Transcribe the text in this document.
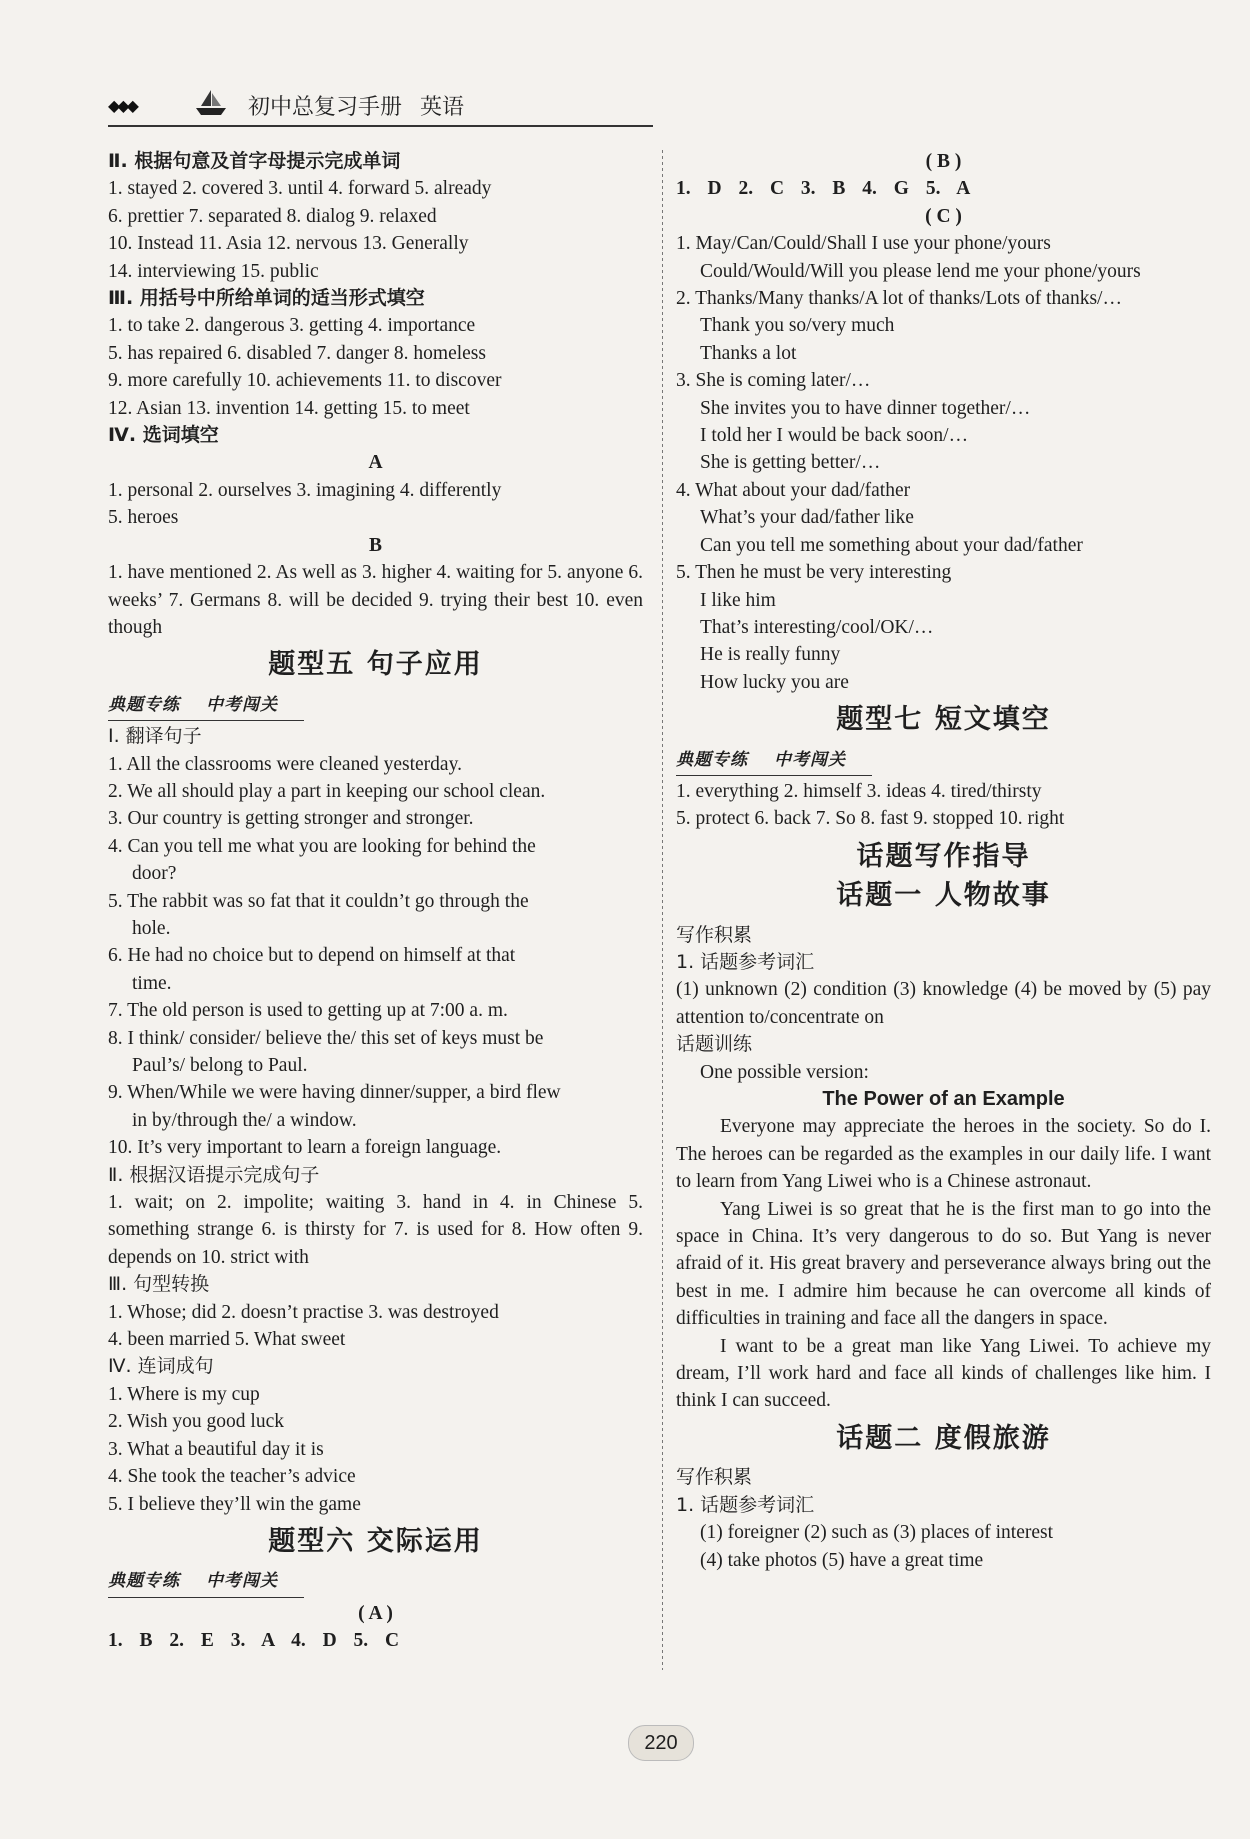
◆◆◆	初中总复习手册 英语
Ⅱ. 根据句意及首字母提示完成单词
1. stayed 2. covered 3. until 4. forward 5. already
6. prettier 7. separated 8. dialog 9. relaxed
10. Instead 11. Asia 12. nervous 13. Generally
14. interviewing 15. public
Ⅲ. 用括号中所给单词的适当形式填空
1. to take 2. dangerous 3. getting 4. importance
5. has repaired 6. disabled 7. danger 8. homeless
9. more carefully 10. achievements 11. to discover
12. Asian 13. invention 14. getting 15. to meet
Ⅳ. 选词填空
A
1. personal 2. ourselves 3. imagining 4. differently
5. heroes
B
1. have mentioned 2. As well as 3. higher 4. waiting for 5. anyone 6. weeks’ 7. Germans 8. will be decided 9. trying their best 10. even though
题型五 句子应用
典题专练 中考闯关
Ⅰ. 翻译句子
1. All the classrooms were cleaned yesterday.
2. We all should play a part in keeping our school clean.
3. Our country is getting stronger and stronger.
4. Can you tell me what you are looking for behind the
door?
5. The rabbit was so fat that it couldn’t go through the
hole.
6. He had no choice but to depend on himself at that
time.
7. The old person is used to getting up at 7:00 a. m.
8. I think/ consider/ believe the/ this set of keys must be
Paul’s/ belong to Paul.
9. When/While we were having dinner/supper, a bird flew
in by/through the/ a window.
10. It’s very important to learn a foreign language.
Ⅱ. 根据汉语提示完成句子
1. wait; on 2. impolite; waiting 3. hand in 4. in Chinese 5. something strange 6. is thirsty for 7. is used for 8. How often 9. depends on 10. strict with
Ⅲ. 句型转换
1. Whose; did 2. doesn’t practise 3. was destroyed
4. been married 5. What sweet
Ⅳ. 连词成句
1. Where is my cup
2. Wish you good luck
3. What a beautiful day it is
4. She took the teacher’s advice
5. I believe they’ll win the game
题型六 交际运用
典题专练 中考闯关
( A )
1. B 2. E 3. A 4. D 5. C
( B )
1. D 2. C 3. B 4. G 5. A
( C )
1. May/Can/Could/Shall I use your phone/yours
Could/Would/Will you please lend me your phone/yours
2. Thanks/Many thanks/A lot of thanks/Lots of thanks/…
Thank you so/very much
Thanks a lot
3. She is coming later/…
She invites you to have dinner together/…
I told her I would be back soon/…
She is getting better/…
4. What about your dad/father
What’s your dad/father like
Can you tell me something about your dad/father
5. Then he must be very interesting
I like him
That’s interesting/cool/OK/…
He is really funny
How lucky you are
题型七 短文填空
典题专练 中考闯关
1. everything 2. himself 3. ideas 4. tired/thirsty
5. protect 6. back 7. So 8. fast 9. stopped 10. right
话题写作指导
话题一 人物故事
写作积累
1. 话题参考词汇
(1) unknown (2) condition (3) knowledge (4) be moved by (5) pay attention to/concentrate on
话题训练
One possible version:
The Power of an Example
Everyone may appreciate the heroes in the society. So do I. The heroes can be regarded as the examples in our daily life. I want to learn from Yang Liwei who is a Chinese astronaut.
Yang Liwei is so great that he is the first man to go into the space in China. It’s very dangerous to do so. But Yang is never afraid of it. His great bravery and perseverance always bring out the best in me. I admire him because he can overcome all kinds of difficulties in training and face all the dangers in space.
I want to be a great man like Yang Liwei. To achieve my dream, I’ll work hard and face all kinds of challenges like him. I think I can succeed.
话题二 度假旅游
写作积累
1. 话题参考词汇
(1) foreigner (2) such as (3) places of interest
(4) take photos (5) have a great time
220
